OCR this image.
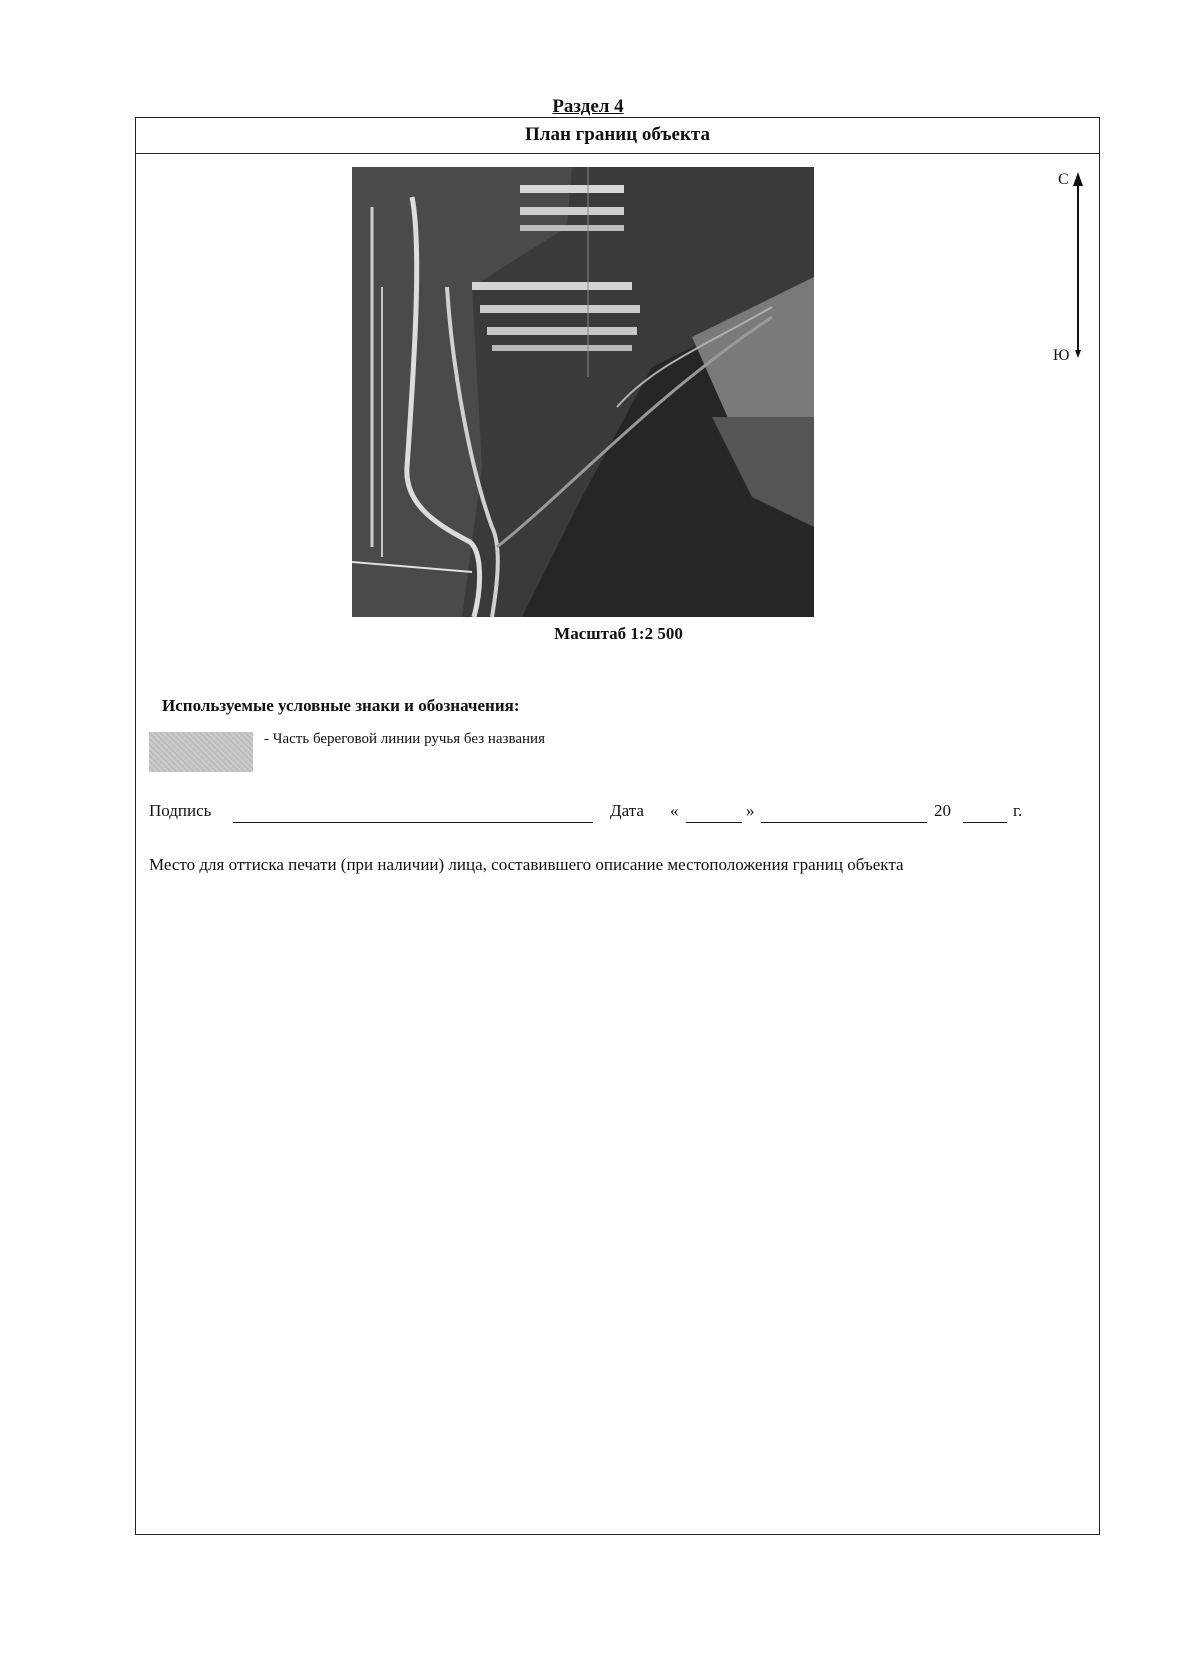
Раздел 4
План границ объекта
Масштаб 1:2 500
С
Ю
Используемые условные знаки и обозначения:
- Часть береговой линии ручья без названия
Подпись	Дата «	»	20	г.
Место для оттиска печати (при наличии) лица, составившего описание местоположения границ объекта
